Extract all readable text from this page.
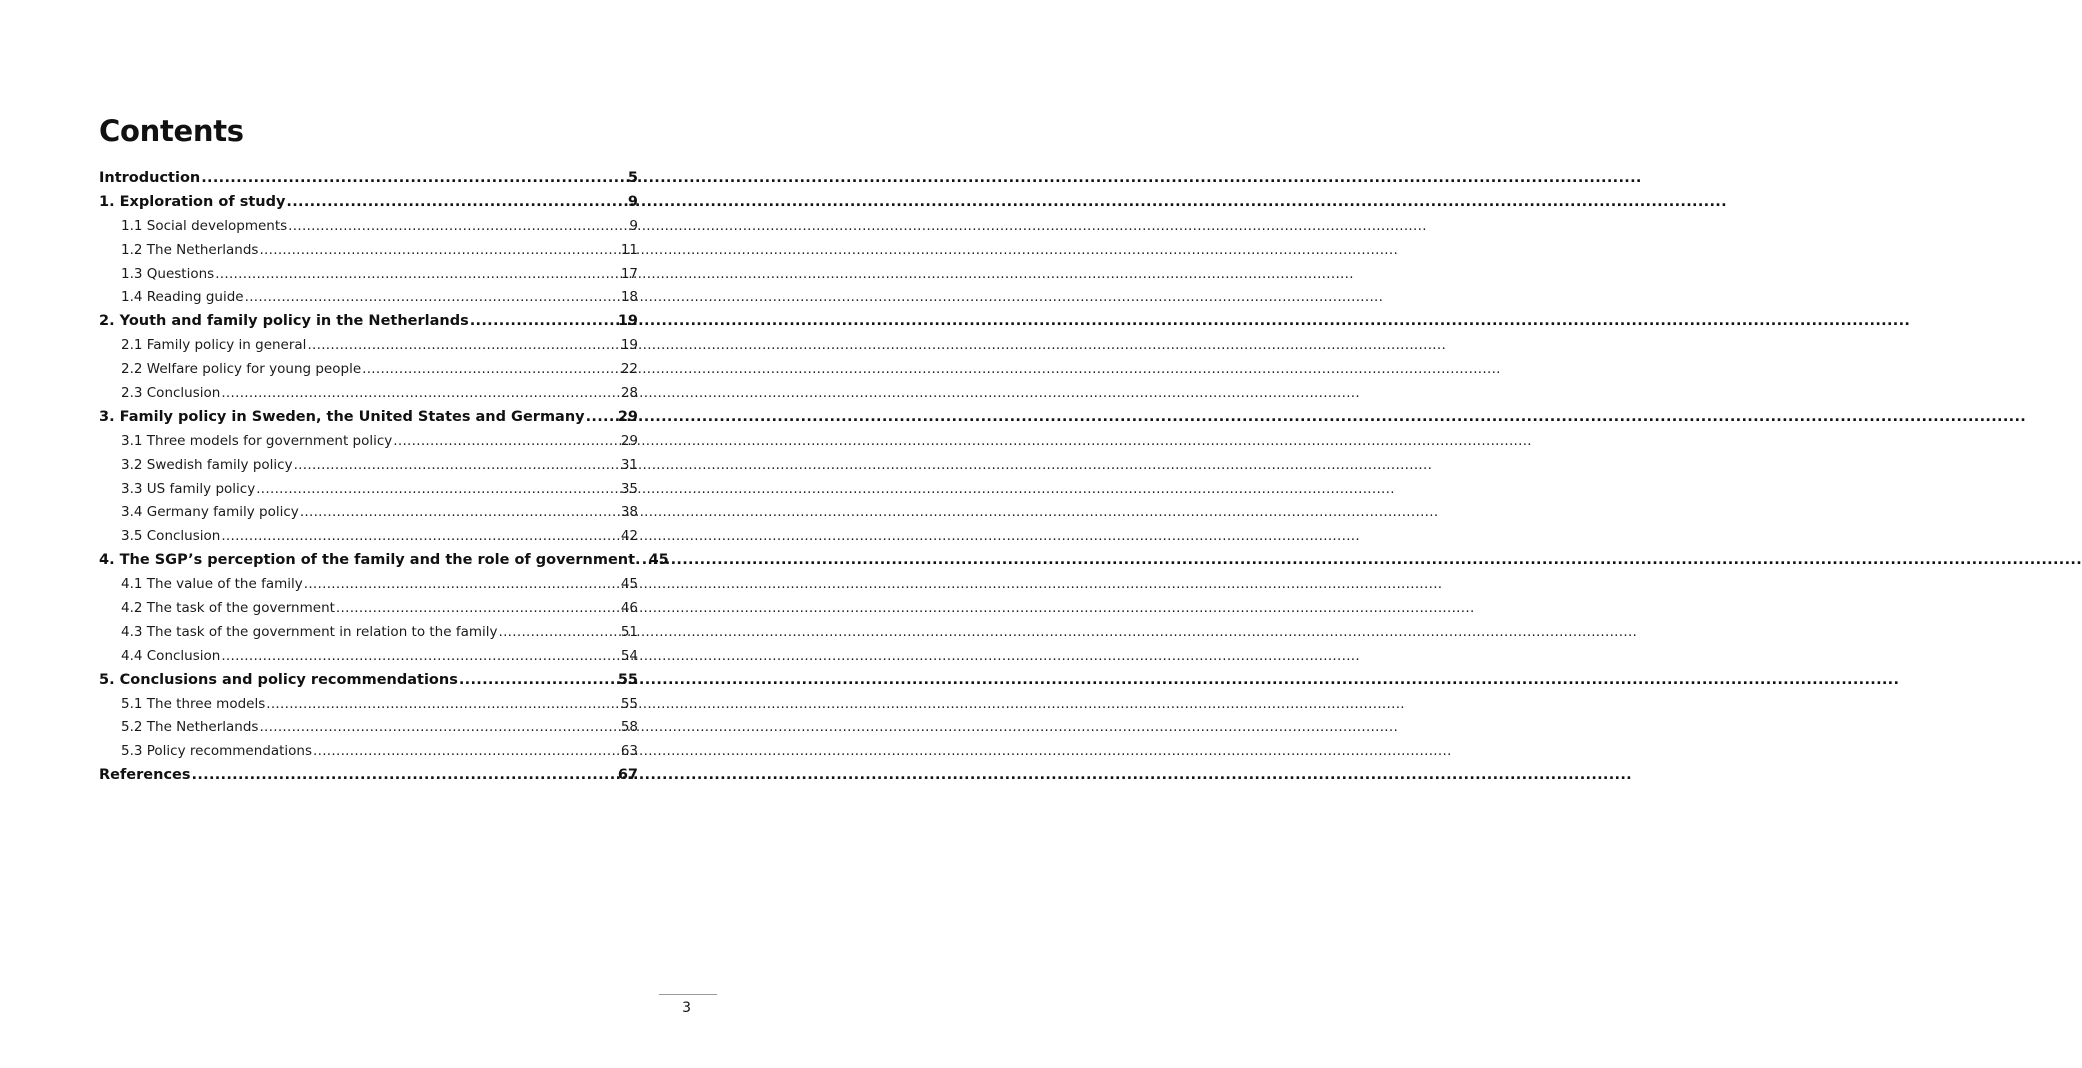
Contents
Introduction .....	5
1. Exploration of study .....	9
1.1 Social developments .....	9
1.2 The Netherlands .....	11
1.3 Questions .....	17
1.4 Reading guide .....	18
2. Youth and family policy in the Netherlands .....	19
2.1 Family policy in general .....	19
2.2 Welfare policy for young people .....	22
2.3 Conclusion .....	28
3. Family policy in Sweden, the United States and Germany ..... 29
3.1 Three models for government policy .....	29
3.2 Swedish family policy .....	31
3.3 US family policy .....	35
3.4 Germany family policy .....	38
3.5 Conclusion .....	42
4. The SGP’s perception of the family and the role of government. ..... 45
4.1 The value of the family .....	45
4.2 The task of the government .....	46
4.3 The task of the government in relation to the family .....	51
4.4 Conclusion .....	54
5. Conclusions and policy recommendations .....	55
5.1 The three models .....	55
5.2 The Netherlands .....	58
5.3 Policy recommendations .....	63
References .....	67
3
